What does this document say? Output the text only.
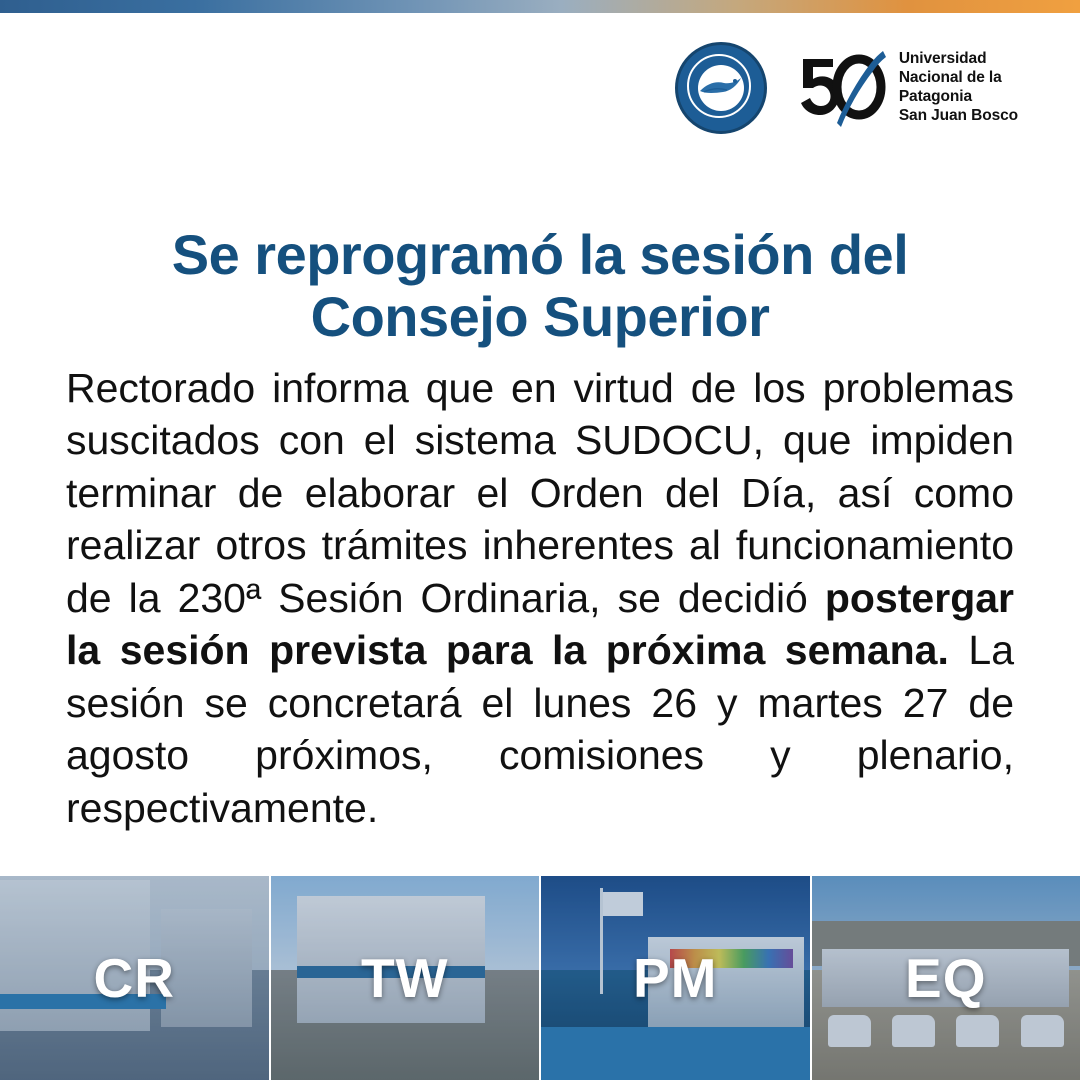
Universidad
Nacional de la
Patagonia
San Juan Bosco
Se reprogramó la sesión del Consejo Superior
Rectorado informa que en virtud de los problemas suscitados con el sistema SUDOCU, que impiden terminar de elaborar el Orden del Día, así como realizar otros trámites inherentes al funcionamiento de la 230ª Sesión Ordinaria, se decidió postergar la sesión prevista para la próxima semana. La sesión se concretará el lunes 26 y martes 27 de agosto próximos, comisiones y plenario, respectivamente.
CR	TW	PM	EQ
